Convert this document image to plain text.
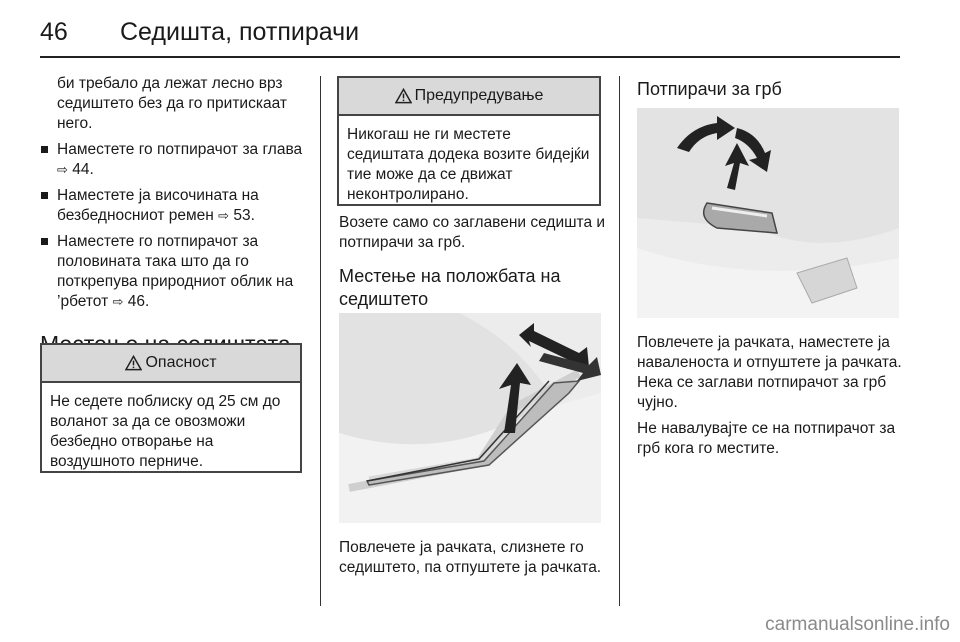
46 Седишта, потпирачи

би требало да лежат лесно врз седиштето без да го притискаат него.

Наместете го потпирачот за глава ⇨ 44.

Наместете ја височината на безбедносниот ремен ⇨ 53.

Наместете го потпирачот за половината така што да го поткрепува природниот облик на ’рбетот ⇨ 46.

Опасност
Не седете поблиску од 25 см до воланот за да се овозможи безбедно отворање на воздушното перниче.
Предупредување
Никогаш не ги местете седиштата додека возите бидејќи тие може да се движат неконтролирано.

Возете само со заглавени седишта и потпирачи за грб.

Местење на положбата на седиштето

Повлечете ја рачката, слизнете го седиштето, па отпуштете ја рачката.

Потпирачи за грб

Повлечете ја рачката, наместете ја наваленоста и отпуштете ја рачката. Нека се заглави потпирачот за грб чујно.

Не навалувајте се на потпирачот за грб кога го местите.

carmanualsonline.info
